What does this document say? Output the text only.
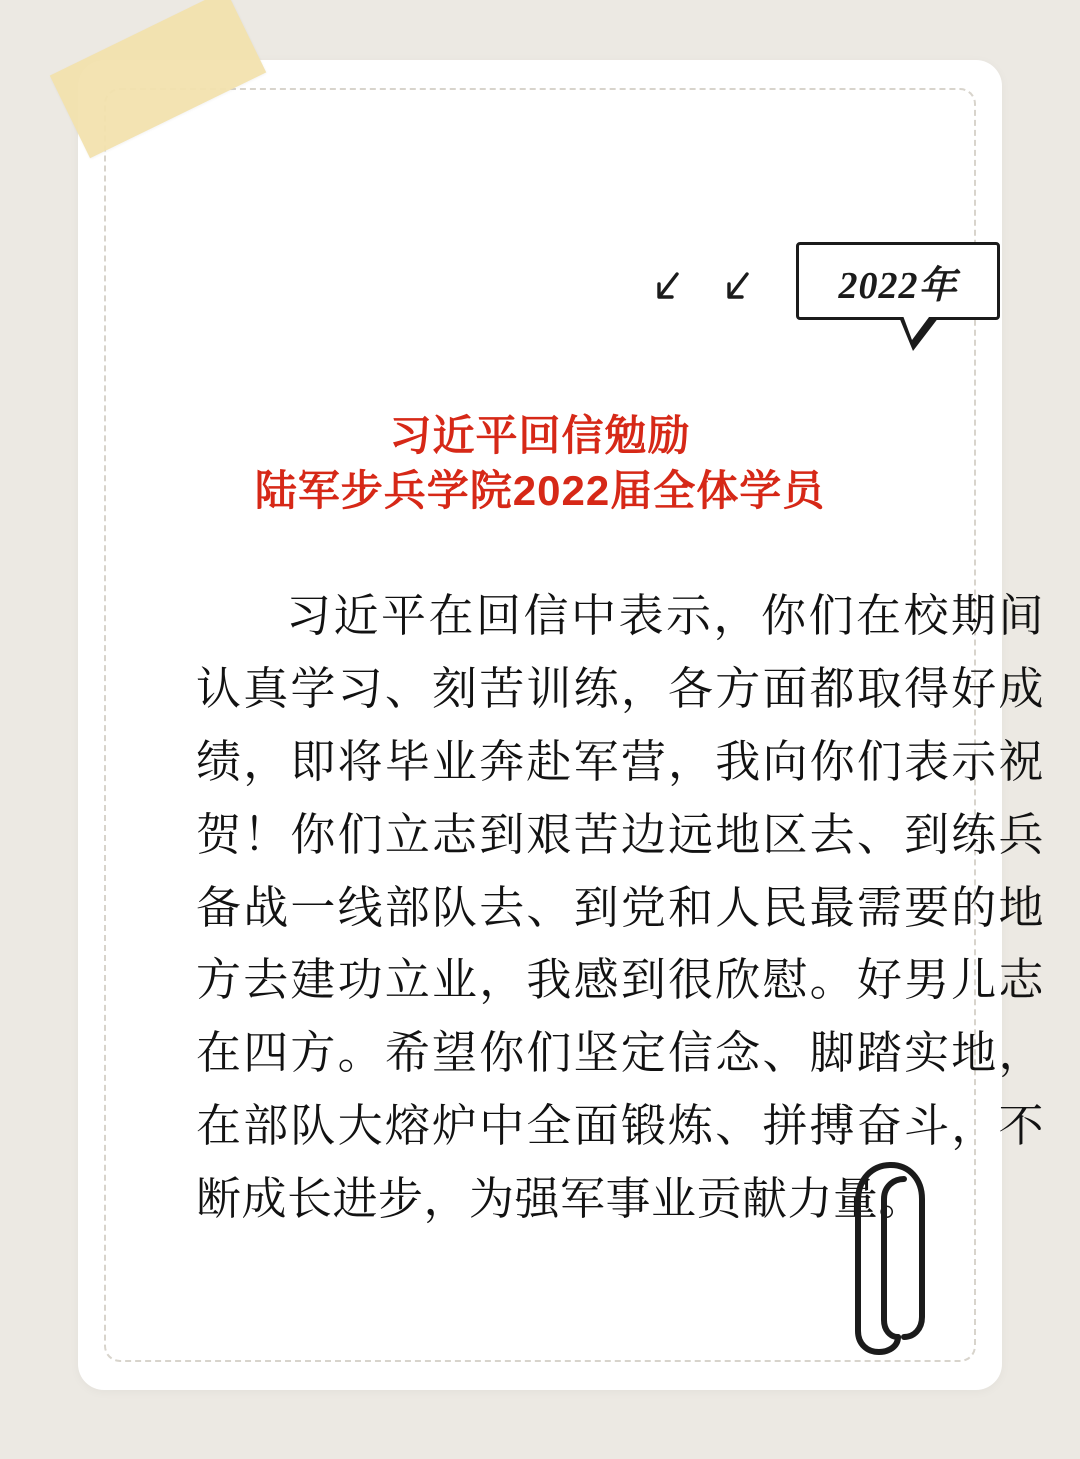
2022年
习近平回信勉励
陆军步兵学院2022届全体学员
习近平在回信中表示，你们在校期间认真学习、刻苦训练，各方面都取得好成绩，即将毕业奔赴军营，我向你们表示祝贺！你们立志到艰苦边远地区去、到练兵备战一线部队去、到党和人民最需要的地方去建功立业，我感到很欣慰。好男儿志在四方。希望你们坚定信念、脚踏实地，在部队大熔炉中全面锻炼、拼搏奋斗，不断成长进步，为强军事业贡献力量。
